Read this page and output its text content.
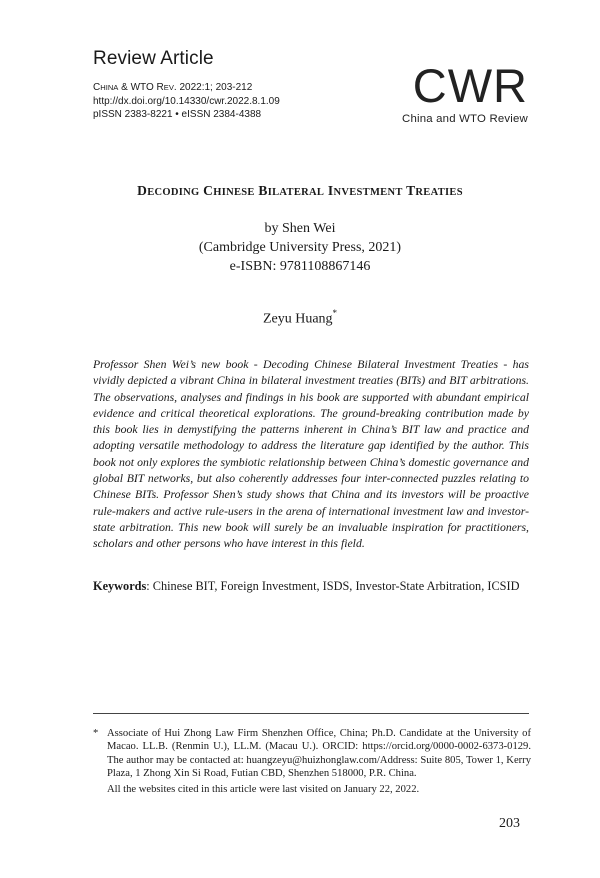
Review Article
CHINA & WTO REV. 2022:1; 203-212
http://dx.doi.org/10.14330/cwr.2022.8.1.09
pISSN 2383-8221 • eISSN 2384-4388
CWR
China and WTO Review
DECODING CHINESE BILATERAL INVESTMENT TREATIES
by Shen Wei
(Cambridge University Press, 2021)
e-ISBN: 9781108867146
Zeyu Huang*
Professor Shen Wei’s new book - Decoding Chinese Bilateral Investment Treaties - has vividly depicted a vibrant China in bilateral investment treaties (BITs) and BIT arbitrations. The observations, analyses and findings in his book are supported with abundant empirical evidence and critical theoretical explorations. The ground-breaking contribution made by this book lies in demystifying the patterns inherent in China’s BIT law and practice and adopting versatile methodology to address the literature gap identified by the author. This book not only explores the symbiotic relationship between China’s domestic governance and global BIT networks, but also coherently addresses four inter-connected puzzles relating to Chinese BITs. Professor Shen’s study shows that China and its investors will be proactive rule-makers and active rule-users in the arena of international investment law and investor-state arbitration. This new book will surely be an invaluable inspiration for practitioners, scholars and other persons who have interest in this field.
Keywords: Chinese BIT, Foreign Investment, ISDS, Investor-State Arbitration, ICSID
* Associate of Hui Zhong Law Firm Shenzhen Office, China; Ph.D. Candidate at the University of Macao. LL.B. (Renmin U.), LL.M. (Macau U.). ORCID: https://orcid.org/0000-0002-6373-0129. The author may be contacted at: huangzeyu@huizhonglaw.com/Address: Suite 805, Tower 1, Kerry Plaza, 1 Zhong Xin Si Road, Futian CBD, Shenzhen 518000, P.R. China.
All the websites cited in this article were last visited on January 22, 2022.
203
